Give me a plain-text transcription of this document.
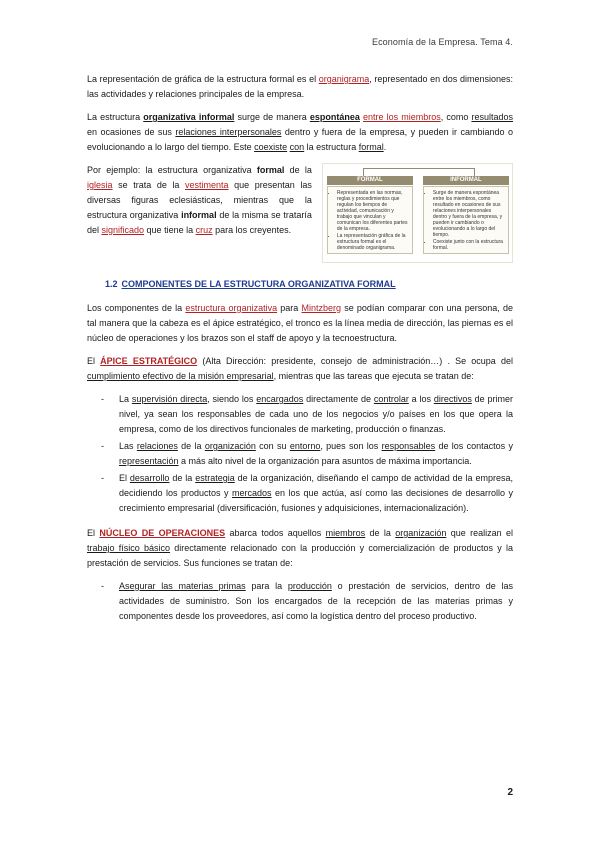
Economía de la Empresa. Tema 4.

La representación de gráfica de la estructura formal es el organigrama, representado en dos dimensiones: las actividades y relaciones principales de la empresa.

La estructura organizativa informal surge de manera espontánea entre los miembros, como resultados en ocasiones de sus relaciones interpersonales dentro y fuera de la empresa, y pueden ir cambiando o evolucionando a lo largo del tiempo. Este coexiste con la estructura formal.

Por ejemplo: la estructura organizativa formal de la iglesia se trata de la vestimenta que presentan las diversas figuras eclesiásticas, mientras que la estructura organizativa informal de la misma se trataría del significado que tiene la cruz para los creyentes.

FORMAL	INFORMAL
• Representada en las normas, reglas y procedimientos que regulan los tiempos de actividad, comunicación y trabajo que vinculan y comunican los diferentes partes de la empresa.
• La representación gráfica de la estructura formal es el denominado organigrama.
• Surge de manera espontánea entre los miembros, como resultado en ocasiones de sus relaciones interpersonales dentro y fuera de la empresa, y pueden ir cambiando o evolucionando a lo largo del tiempo.
• Coexiste junto con la estructura formal.
1.2 COMPONENTES DE LA ESTRUCTURA ORGANIZATIVA FORMAL

Los componentes de la estructura organizativa para Mintzberg se podían comparar con una persona, de tal manera que la cabeza es el ápice estratégico, el tronco es la línea media de dirección, las piernas es el núcleo de operaciones y los brazos son el staff de apoyo y la tecnoestructura.

El ÁPICE ESTRATÉGICO (Alta Dirección: presidente, consejo de administración…) . Se ocupa del cumplimiento efectivo de la misión empresarial, mientras que las tareas que ejecuta se tratan de:

- La supervisión directa, siendo los encargados directamente de controlar a los directivos de primer nivel, ya sean los responsables de cada uno de los negocios y/o países en los que opera la empresa, como de los directivos funcionales de marketing, producción o finanzas.
- Las relaciones de la organización con su entorno, pues son los responsables de los contactos y representación a más alto nivel de la organización para asuntos de máxima importancia.
- El desarrollo de la estrategia de la organización, diseñando el campo de actividad de la empresa, decidiendo los productos y mercados en los que actúa, así como las decisiones de desarrollo y crecimiento empresarial (diversificación, fusiones y adquisiciones, internacionalización).

El NÚCLEO DE OPERACIONES abarca todos aquellos miembros de la organización que realizan el trabajo físico básico directamente relacionado con la producción y comercialización de productos y la prestación de servicios. Sus funciones se tratan de:

- Asegurar las materias primas para la producción o prestación de servicios, dentro de las actividades de suministro. Son los encargados de la recepción de las materias primas y componentes desde los proveedores, así como la logística dentro del proceso productivo.
2
